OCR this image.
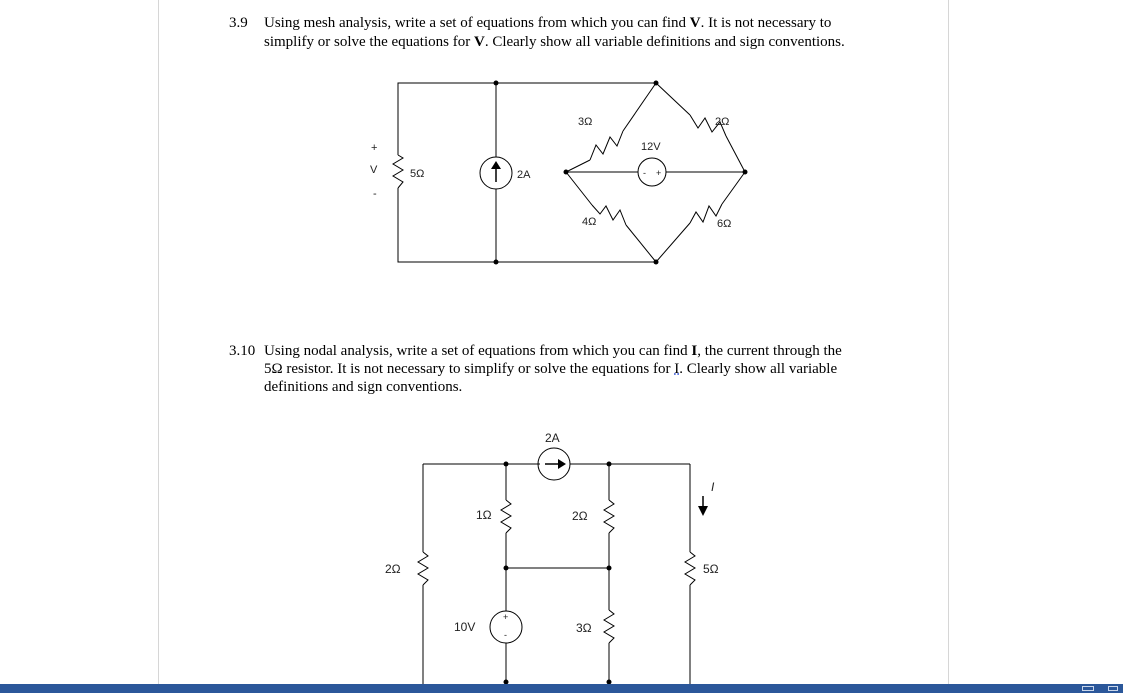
3.9 Using mesh analysis, write a set of equations from which you can find V. It is not necessary to
simplify or solve the equations for V. Clearly show all variable definitions and sign conventions.
3.10 Using nodal analysis, write a set of equations from which you can find I, the current through the
5Ω resistor. It is not necessary to simplify or solve the equations for I. Clearly show all variable
definitions and sign conventions.
+
V
-
5Ω	2A
3Ω	2Ω
4Ω	6Ω
12V
- +
2A
I
2Ω
1Ω	2Ω
3Ω
5Ω
10V
+
-
